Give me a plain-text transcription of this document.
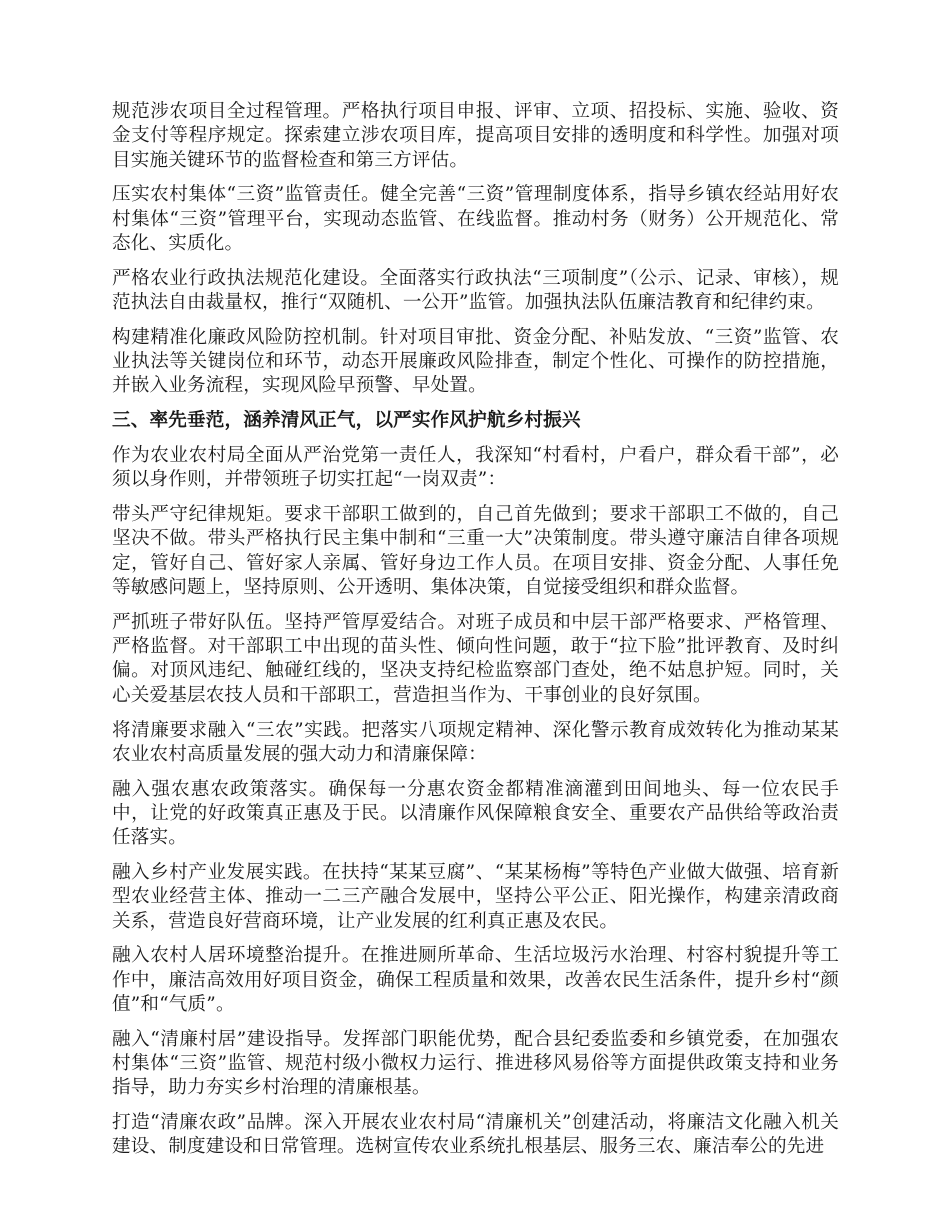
规范涉农项目全过程管理。严格执行项目申报、评审、立项、招投标、实施、验收、资金支付等程序规定。探索建立涉农项目库，提高项目安排的透明度和科学性。加强对项目实施关键环节的监督检查和第三方评估。

压实农村集体“三资”监管责任。健全完善“三资”管理制度体系，指导乡镇农经站用好农村集体“三资”管理平台，实现动态监管、在线监督。推动村务（财务）公开规范化、常态化、实质化。

严格农业行政执法规范化建设。全面落实行政执法“三项制度”（公示、记录、审核），规范执法自由裁量权，推行“双随机、一公开”监管。加强执法队伍廉洁教育和纪律约束。

构建精准化廉政风险防控机制。针对项目审批、资金分配、补贴发放、“三资”监管、农业执法等关键岗位和环节，动态开展廉政风险排查，制定个性化、可操作的防控措施，并嵌入业务流程，实现风险早预警、早处置。

三、率先垂范，涵养清风正气，以严实作风护航乡村振兴

作为农业农村局全面从严治党第一责任人，我深知“村看村，户看户，群众看干部”，必须以身作则，并带领班子切实扛起“一岗双责”：

带头严守纪律规矩。要求干部职工做到的，自己首先做到；要求干部职工不做的，自己坚决不做。带头严格执行民主集中制和“三重一大”决策制度。带头遵守廉洁自律各项规定，管好自己、管好家人亲属、管好身边工作人员。在项目安排、资金分配、人事任免等敏感问题上，坚持原则、公开透明、集体决策，自觉接受组织和群众监督。

严抓班子带好队伍。坚持严管厚爱结合。对班子成员和中层干部严格要求、严格管理、严格监督。对干部职工中出现的苗头性、倾向性问题，敢于“拉下脸”批评教育、及时纠偏。对顶风违纪、触碰红线的，坚决支持纪检监察部门查处，绝不姑息护短。同时，关心关爱基层农技人员和干部职工，营造担当作为、干事创业的良好氛围。

将清廉要求融入“三农”实践。把落实八项规定精神、深化警示教育成效转化为推动某某农业农村高质量发展的强大动力和清廉保障：

融入强农惠农政策落实。确保每一分惠农资金都精准滴灌到田间地头、每一位农民手中，让党的好政策真正惠及于民。以清廉作风保障粮食安全、重要农产品供给等政治责任落实。

融入乡村产业发展实践。在扶持“某某豆腐”、“某某杨梅”等特色产业做大做强、培育新型农业经营主体、推动一二三产融合发展中，坚持公平公正、阳光操作，构建亲清政商关系，营造良好营商环境，让产业发展的红利真正惠及农民。

融入农村人居环境整治提升。在推进厕所革命、生活垃圾污水治理、村容村貌提升等工作中，廉洁高效用好项目资金，确保工程质量和效果，改善农民生活条件，提升乡村“颜值”和“气质”。

融入“清廉村居”建设指导。发挥部门职能优势，配合县纪委监委和乡镇党委，在加强农村集体“三资”监管、规范村级小微权力运行、推进移风易俗等方面提供政策支持和业务指导，助力夯实乡村治理的清廉根基。

打造“清廉农政”品牌。深入开展农业农村局“清廉机关”创建活动，将廉洁文化融入机关建设、制度建设和日常管理。选树宣传农业系统扎根基层、服务三农、廉洁奉公的先进
